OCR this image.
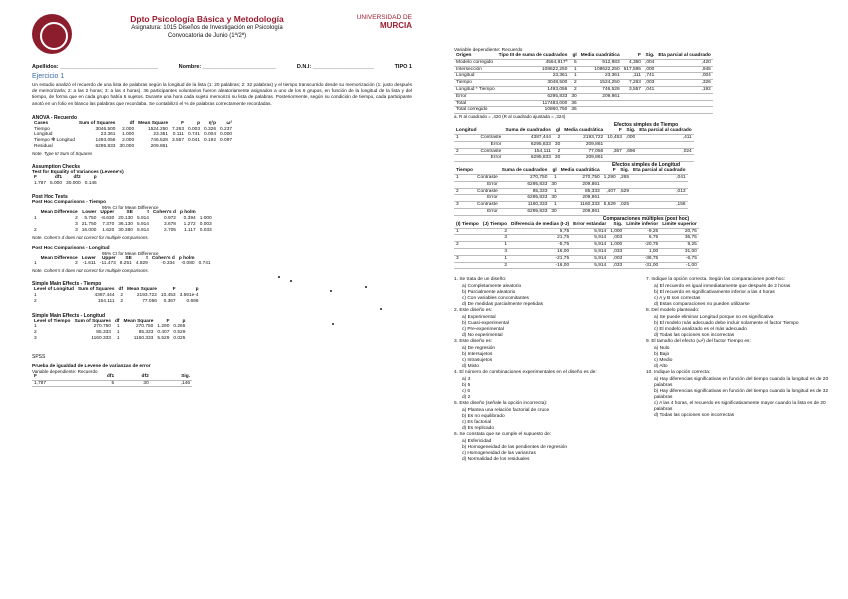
Dpto Psicología Básica y Metodología
Asignatura: 1015 Diseños de Investigación en Psicología
Convocatoria de Junio (1ª/2ª)
UNIVERSIDAD DE
MURCIA
Apellidos: ________________________________	Nombre: ________________________	D.N.I: ____________________	TIPO 1
Ejercicio 1
Un estudio analizó el recuerdo de una lista de palabras según la longitud de la lista (1: 20 palabras; 2: 32 palabras) y el tiempo transcurrido desde su memorización (1: justo después de memorizarla; 2: a las 2 horas; 3: a las 4 horas). 36 participantes voluntarios fueron aleatoriamente asignados a uno de los 6 grupos, en función de la longitud de la lista y del tiempo, de forma que en cada grupo había 6 sujetos. Durante una hora cada sujeto memorizó su lista de palabras. Posteriormente, según su condición de tiempo, cada participante anotó en un folio en blanco las palabras que recordaba. Se contabilizó el % de palabras correctamente recordadas.
ANOVA - Recuerdo
Cases	Sum of Squares	df	Mean Square	F	p	η²p	ω²
Tiempo	3046.500	2.000	1524.250	7.263	0.003	0.326	0.237
Longitud	23.361	1.000	23.361	0.111	0.741	0.004	0.000
Tiempo ✻ Longitud	1493.056	2.000	746.528	3.557	0.041	0.192	0.097
Residual	6295.833	30.000	209.861				
Note. Type III Sum of Squares
Assumption Checks
Test for Equality of Variances (Levene's)
F	df1	df2	p
1.787	5.000	30.000	0.146
Post Hoc Tests
Post Hoc Comparisons - Tiempo
95% CI for Mean Difference
	Mean Difference	Lower	Upper	SE	t	Cohen's d	p holm	
1	2	5.750	-8.630	20.130	5.914	0.972	0.394	1.000
	3	21.750	7.370	36.130	5.914	3.678	1.272	0.003
2	3	16.000	1.620	30.380	5.914	2.705	1.117	0.033
Note. Cohen's d does not correct for multiple comparisons.
Post Hoc Comparisons - Longitud
95% CI for Mean Difference
	Mean Difference	Lower	Upper	SE	t	Cohen's d	p holm	
1	2	-1.611	-11.473	8.251	4.829	-0.334	-0.080	0.741
Note. Cohen's d does not correct for multiple comparisons.
Simple Main Effects - Tiempo
Level of Longitud	Sum of Squares	df	Mean Square	F	p
1	4387.444	2	2193.722	10.453	3.591e-4
2	154.111	2	77.056	0.367	0.696
Simple Main Effects - Longitud
Level of Tiempo	Sum of Squares	df	Mean Square	F	p
1	270.750	1	270.750	1.290	0.265
2	85.333	1	85.333	0.407	0.529
3	1160.333	1	1160.333	5.529	0.025
SPSS
Prueba de igualdad de Levene de varianzas de error
Variable dependiente: Recuerdo
F	df1	df2	Sig.
1,787	5	30	,146
Variable dependiente: Recuerdo
Origen	Tipo III de suma de cuadrados	gl	Media cuadrática	F	Sig.	Eta parcial al cuadrado
Modelo corregido	4564,917ª	5	912,983	4,350	,004	,420
Intersección	108622,250	1	108622,250	517,595	,000	,945
Longitud	23,361	1	23,361	,111	,741	,004
Tiempo	3048,500	2	1524,250	7,263	,003	,326
Longitud * Tiempo	1493,056	2	746,528	3,557	,041	,192
Error	6295,833	30	209,861			
Total	117483,000	36				
Total corregido	10860,750	35				
a. R al cuadrado = ,420 (R al cuadrado ajustada = ,324)
Efectos simples de Tiempo
Longitud		Suma de cuadrados	gl	Media cuadrática	F	Sig.	Eta parcial al cuadrado
1	Contraste	4387,444	2	2193,722	10,453	,000	,411
	Error	6295,833	30	209,861			
2	Contraste	154,111	2	77,056	,367	,696	,024
	Error	6295,833	30	209,861			
Efectos simples de Longitud
Tiempo		Suma de cuadrados	gl	Media cuadrática	F	Sig.	Eta parcial al cuadrado
1	Contraste	270,750	1	270,750	1,290	,265	,041
	Error	6295,833	30	209,861			
2	Contraste	85,333	1	85,333	,407	,529	,013
	Error	6295,833	30	209,861			
3	Contraste	1160,333	1	1160,333	5,529	,025	,156
	Error	6295,833	30	209,861			
Comparaciones múltiples (post hoc)
(I) Tiempo	(J) Tiempo	Diferencia de medias (I-J)	Error estándar	Sig.	Límite inferior	Límite superior
1	2	5,75	5,914	1,000	-9,25	20,75
	3	21,75	5,914	,003	6,75	36,75
2	1	-5,75	5,914	1,000	-20,75	9,25
	3	16,00	5,914	,033	1,00	31,00
3	1	-21,75	5,914	,003	-36,75	-6,75
	2	-16,00	5,914	,033	-31,00	-1,00
1. Se trata de un diseño:
a) Completamente aleatorio
b) Parcialmente aleatorio
c) Con variables concomitantes
d) De medidas parcialmente repetidas
2. Este diseño es:
a) Experimental
b) Cuasi-experimental
c) Pre-experimental
d) No experimental
3. Este diseño es:
a) De regresión
b) Intersujetos
c) Intrasujetos
d) Mixto
4. El número de combinaciones experimentales en el diseño es de:
a) 3
b) 5
c) 6
d) 2
5. Este diseño (señale la opción incorrecta):
a) Plantea una relación factorial de cruce
b) Es no equilibrado
c) Es factorial
d) Es replicado
6. Se constata que se cumple el supuesto de:
a) Esfericidad
b) Homogeneidad de las pendientes de regresión
c) Homogeneidad de las varianzas
d) Normalidad de los residuales
7. Indique la opción correcta. Según las comparaciones post-hoc:
a) El recuerdo es igual inmediatamente que después de 2 horas
b) El recuerdo es significativamente inferior a las 4 horas
c) A y B son correctas
d) Estas comparaciones no pueden utilizarse
8. Del modelo planteado:
a) Se puede eliminar Longitud porque no es significativa
b) El modelo más adecuado debe incluir solamente el factor Tiempo
c) El modelo analizado es el más adecuado
d) Todas las opciones son incorrectas
9. El tamaño del efecto (ω²) del factor Tiempo es:
a) Nulo
b) Bajo
c) Medio
d) Alto
10. Indique la opción correcta:
a) Hay diferencias significativas en función del tiempo cuando la longitud es de 20 palabras
b) Hay diferencias significativas en función del tiempo cuando la longitud es de 32 palabras
c) A las 4 horas, el recuerdo es significativamente mayor cuando la lista es de 20 palabras
d) Todas las opciones son incorrectas
